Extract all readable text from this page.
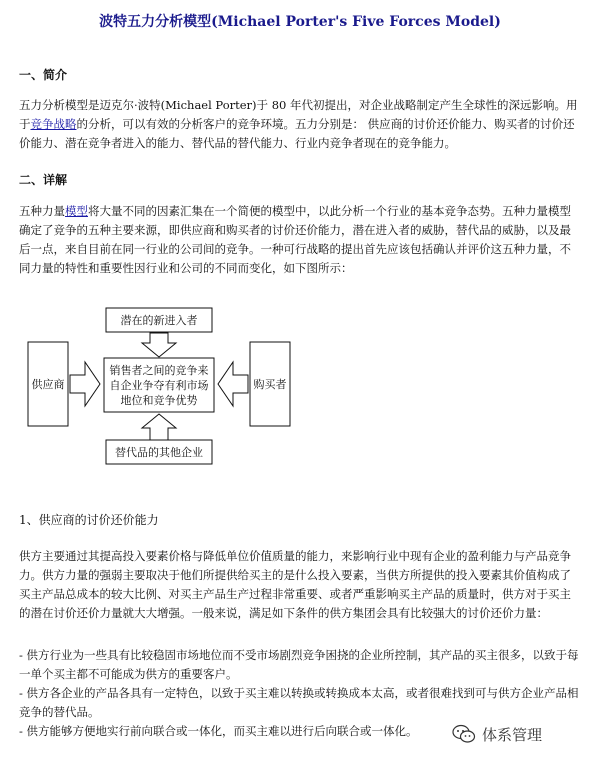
波特五力分析模型(Michael Porter's Five Forces Model)
一、简介

五力分析模型是迈克尔·波特(Michael Porter)于 80 年代初提出，对企业战略制定产生全球性的深远影响。用于竞争战略的分析，可以有效的分析客户的竞争环境。五力分别是： 供应商的讨价还价能力、购买者的讨价还价能力、潜在竞争者进入的能力、替代品的替代能力、行业内竞争者现在的竞争能力。

二、详解

五种力量模型将大量不同的因素汇集在一个简便的模型中，以此分析一个行业的基本竞争态势。五种力量模型确定了竞争的五种主要来源，即供应商和购买者的讨价还价能力，潜在进入者的威胁，替代品的威胁，以及最后一点，来自目前在同一行业的公司间的竞争。一种可行战略的提出首先应该包括确认并评价这五种力量，不同力量的特性和重要性因行业和公司的不同而变化，如下图所示：

潜在的新进入者
供应商
销售者之间的竞争来
自企业争夺有利市场
地位和竞争优势
购买者
替代品的其他企业
1、供应商的讨价还价能力

供方主要通过其提高投入要素价格与降低单位价值质量的能力，来影响行业中现有企业的盈利能力与产品竞争力。供方力量的强弱主要取决于他们所提供给买主的是什么投入要素，当供方所提供的投入要素其价值构成了买主产品总成本的较大比例、对买主产品生产过程非常重要、或者严重影响买主产品的质量时，供方对于买主的潜在讨价还价力量就大大增强。一般来说，满足如下条件的供方集团会具有比较强大的讨价还价力量：

- 供方行业为一些具有比较稳固市场地位而不受市场剧烈竞争困挠的企业所控制，其产品的买主很多，以致于每一单个买主都不可能成为供方的重要客户。

- 供方各企业的产品各具有一定特色，以致于买主难以转换或转换成本太高，或者很难找到可与供方企业产品相竞争的替代品。

- 供方能够方便地实行前向联合或一体化，而买主难以进行后向联合或一体化。	体系管理
